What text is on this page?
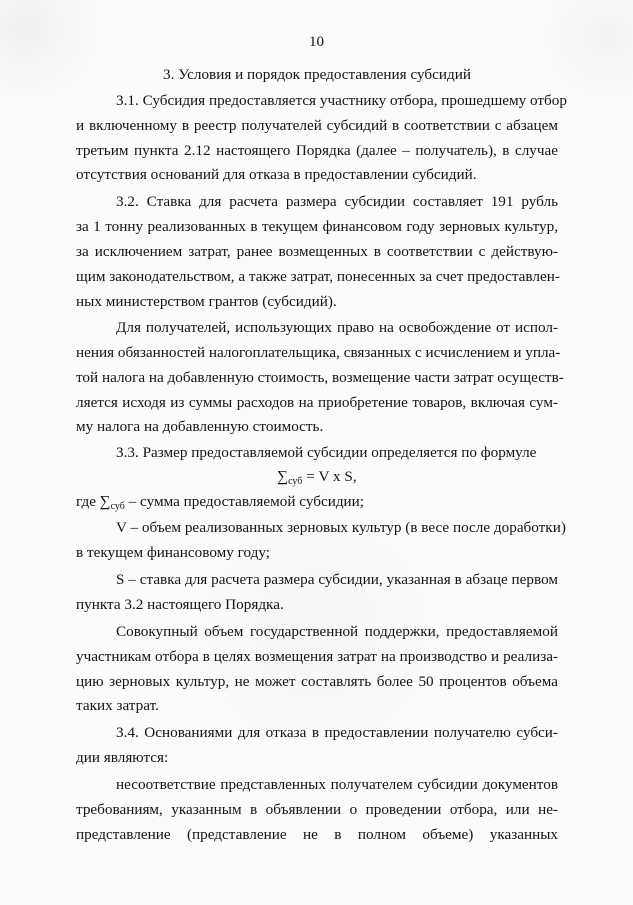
10
3. Условия и порядок предоставления субсидий
3.1. Субсидия предоставляется участнику отбора, прошедшему отбор
и включенному в реестр получателей субсидий в соответствии с абзацем
третьим пункта 2.12 настоящего Порядка (далее – получатель), в случае
отсутствия оснований для отказа в предоставлении субсидий.
3.2. Ставка для расчета размера субсидии составляет 191 рубль
за 1 тонну реализованных в текущем финансовом году зерновых культур,
за исключением затрат, ранее возмещенных в соответствии с действую-
щим законодательством, а также затрат, понесенных за счет предоставлен-
ных министерством грантов (субсидий).
Для получателей, использующих право на освобождение от испол-
нения обязанностей налогоплательщика, связанных с исчислением и упла-
той налога на добавленную стоимость, возмещение части затрат осуществ-
ляется исходя из суммы расходов на приобретение товаров, включая сум-
му налога на добавленную стоимость.
3.3. Размер предоставляемой субсидии определяется по формуле
$\sum_{суб} = V$ x S,
где $\sum_{суб}$ – сумма предоставляемой субсидии;
V – объем реализованных зерновых культур (в весе после доработки)
в текущем финансовому году;
S – ставка для расчета размера субсидии, указанная в абзаце первом
пункта 3.2 настоящего Порядка.
Совокупный объем государственной поддержки, предоставляемой
участникам отбора в целях возмещения затрат на производство и реализа-
цию зерновых культур, не может составлять более 50 процентов объема
таких затрат.
3.4. Основаниями для отказа в предоставлении получателю субси-
дии являются:
несоответствие представленных получателем субсидии документов
требованиям, указанным в объявлении о проведении отбора, или не-
представление (представление не в полном объеме) указанных
